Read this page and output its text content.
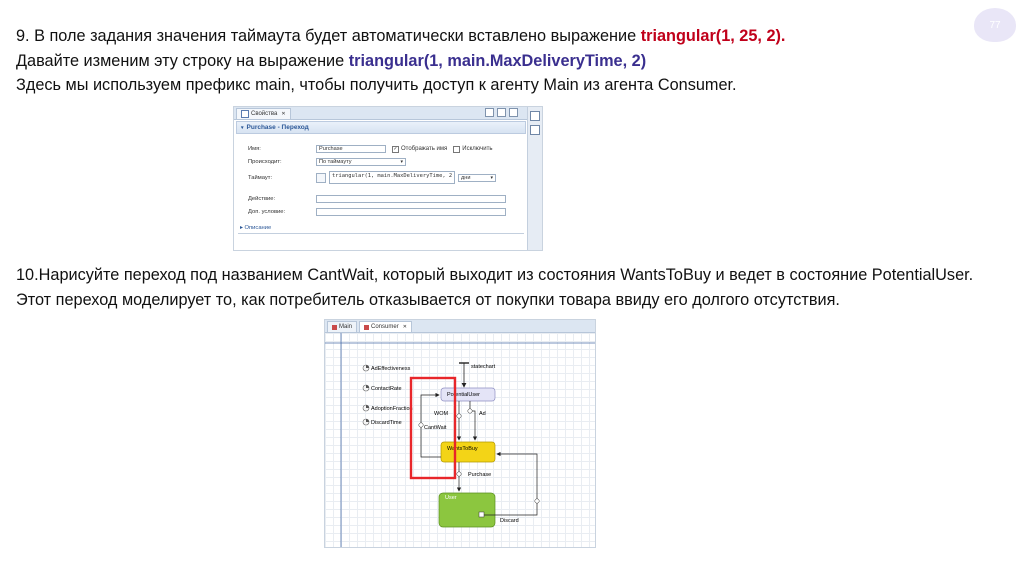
77
9. В поле задания значения таймаута будет автоматически вставлено выражение triangular(1, 25, 2).
Давайте изменим эту строку на выражение triangular(1, main.MaxDeliveryTime, 2)
Здесь мы используем префикс main, чтобы получить доступ к агенту Main из агента Consumer.
Свойства ✕
▾ Purchase - Переход
Имя:	Purchase	✓ Отображать имя	Исключить
Происходит:	По таймауту	▾
Таймаут:	triangular(1, main.MaxDeliveryTime, 2	дни	▾
Действие:
Доп. условие:
▸ Описание
10.Нарисуйте переход под названием CantWait, который выходит из состояния WantsToBuy и ведет в состояние PotentialUser. Этот переход моделирует то, как потребитель отказывается от покупки товара ввиду его долгого отсутствия.
Main	Consumer ✕
AdEffectiveness
ContactRate
AdoptionFraction
DiscardTime
statechart
PotentialUser
WantsToBuy
User
WOM	Ad
CantWait
Purchase
Discard
